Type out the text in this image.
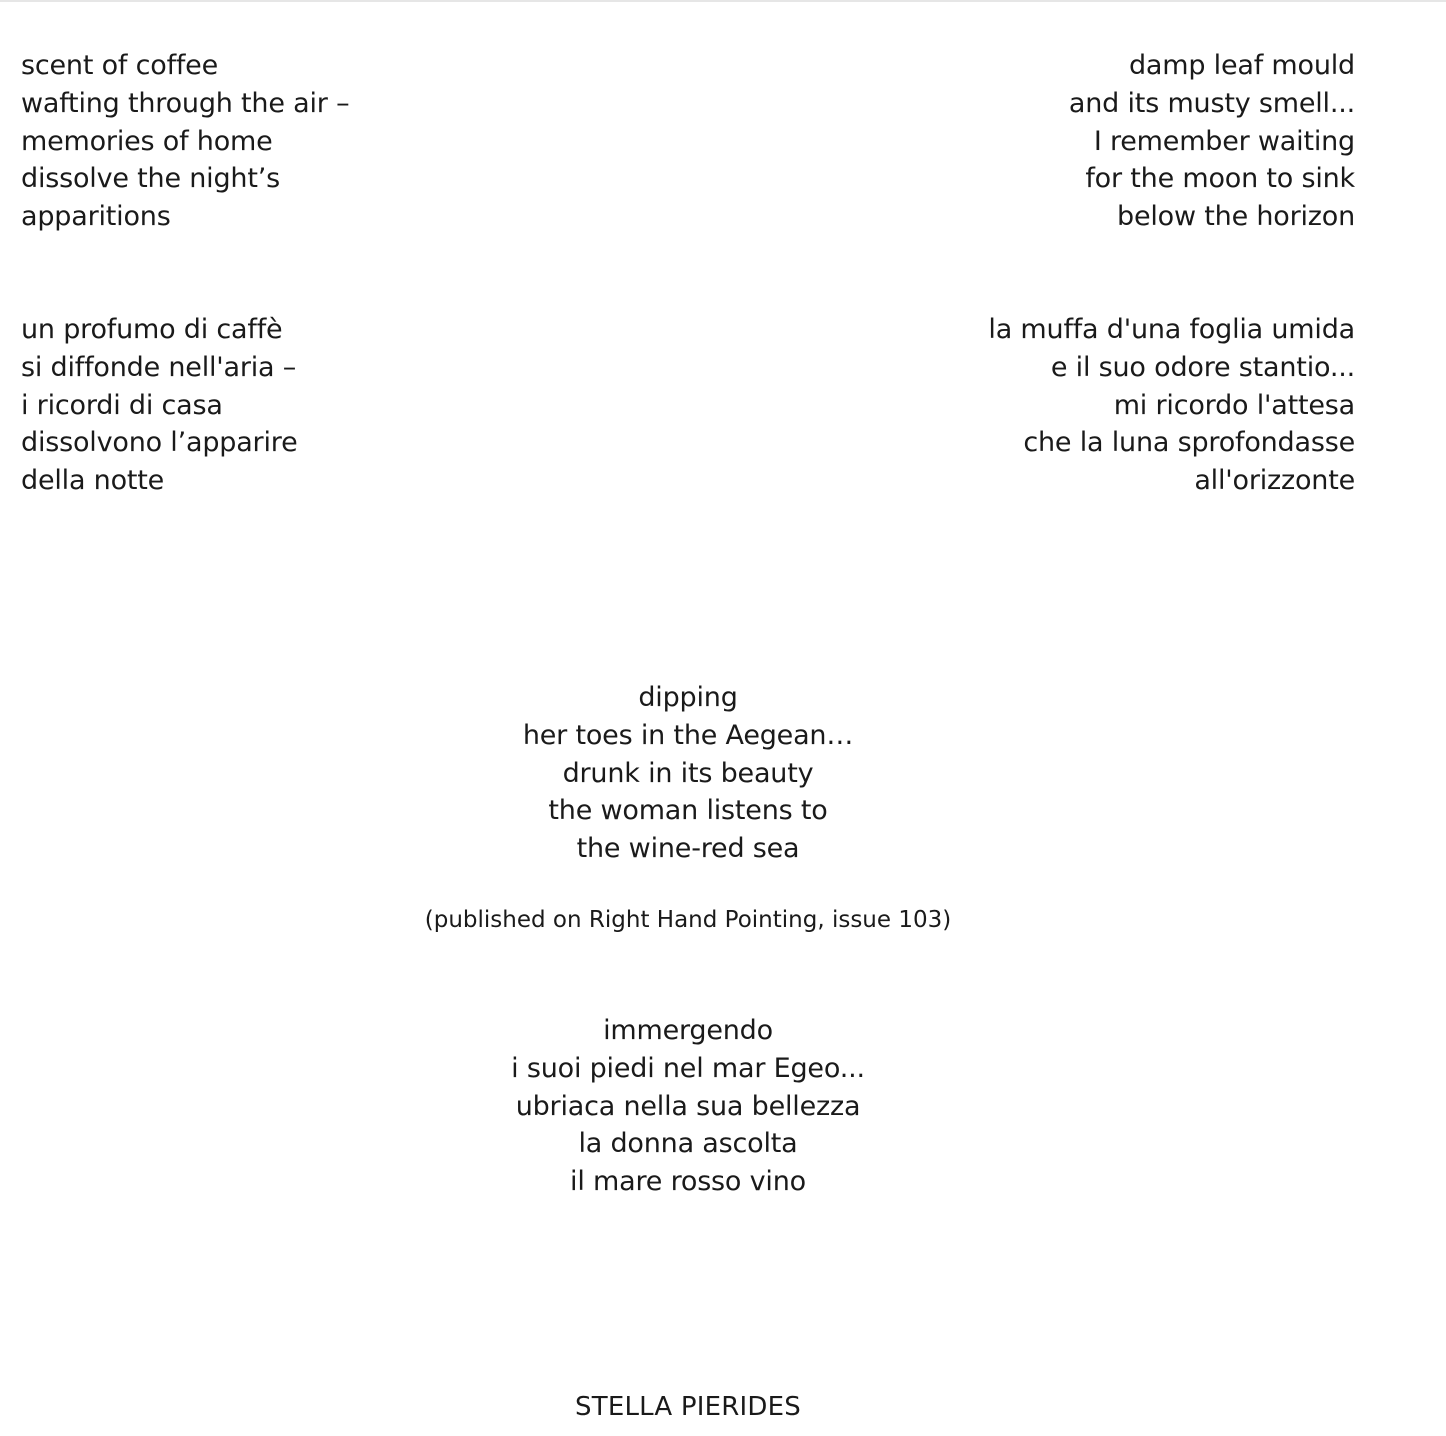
scent of coffee
wafting through the air –
memories of home
dissolve the night’s
apparitions
damp leaf mould
and its musty smell...
I remember waiting
for the moon to sink
below the horizon
un profumo di caffè
si diffonde nell'aria –
i ricordi di casa
dissolvono l’apparire
della notte
la muffa d'una foglia umida
e il suo odore stantio...
mi ricordo l'attesa
che la luna sprofondasse
all'orizzonte
dipping
her toes in the Aegean…
drunk in its beauty
the woman listens to
the wine-red sea
(published on Right Hand Pointing, issue 103)
immergendo
i suoi piedi nel mar Egeo...
ubriaca nella sua bellezza
la donna ascolta
il mare rosso vino
STELLA PIERIDES
